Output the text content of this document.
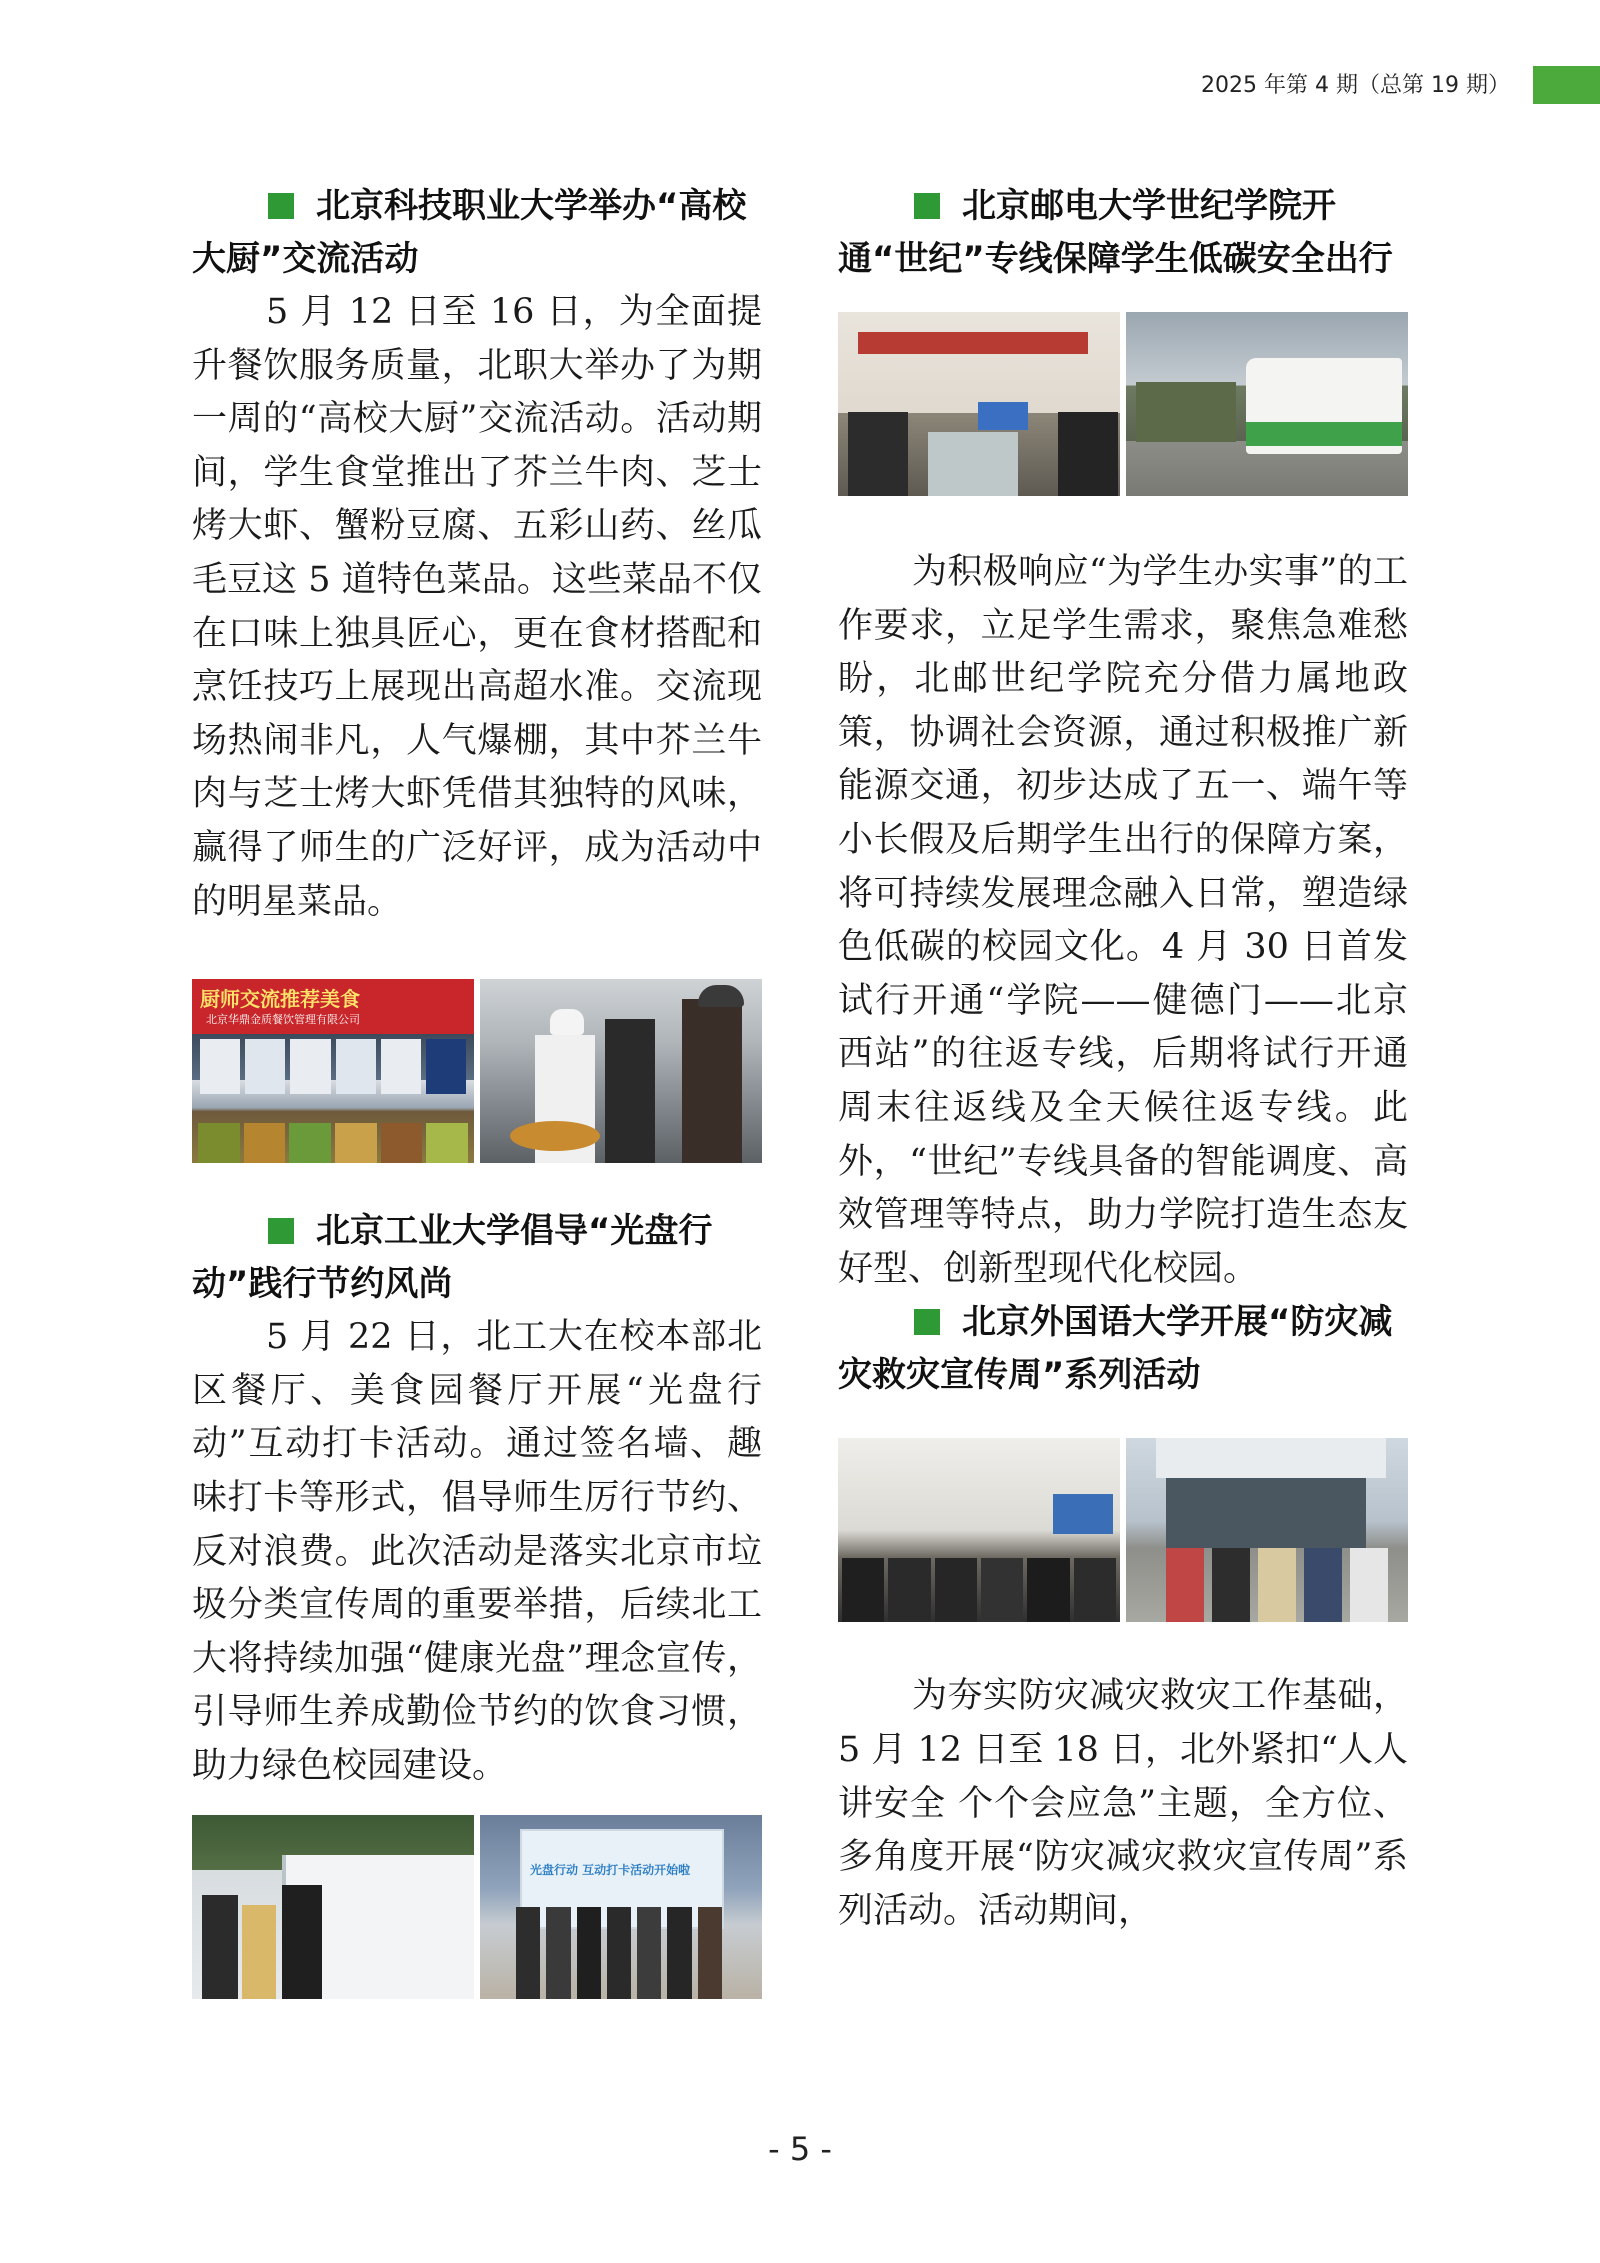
2025 年第 4 期（总第 19 期）
北京科技职业大学举办“高校大厨”交流活动

5 月 12 日至 16 日，为全面提升餐饮服务质量，北职大举办了为期一周的“高校大厨”交流活动。活动期间，学生食堂推出了芥兰牛肉、芝士烤大虾、蟹粉豆腐、五彩山药、丝瓜毛豆这 5 道特色菜品。这些菜品不仅在口味上独具匠心，更在食材搭配和烹饪技巧上展现出高超水准。交流现场热闹非凡，人气爆棚，其中芥兰牛肉与芝士烤大虾凭借其独特的风味，赢得了师生的广泛好评，成为活动中的明星菜品。

厨师交流推荐美食
北京华鼎金质餐饮管理有限公司
北京工业大学倡导“光盘行动”践行节约风尚

5 月 22 日，北工大在校本部北区餐厅、美食园餐厅开展“光盘行动”互动打卡活动。通过签名墙、趣味打卡等形式，倡导师生厉行节约、反对浪费。此次活动是落实北京市垃圾分类宣传周的重要举措，后续北工大将持续加强“健康光盘”理念宣传，引导师生养成勤俭节约的饮食习惯，助力绿色校园建设。

光盘行动 互动打卡活动开始啦
北京邮电大学世纪学院开通“世纪”专线保障学生低碳安全出行

为积极响应“为学生办实事”的工作要求，立足学生需求，聚焦急难愁盼，北邮世纪学院充分借力属地政策，协调社会资源，通过积极推广新能源交通，初步达成了五一、端午等小长假及后期学生出行的保障方案，将可持续发展理念融入日常，塑造绿色低碳的校园文化。4 月 30 日首发试行开通“学院——健德门——北京西站”的往返专线，后期将试行开通周末往返线及全天候往返专线。此外，“世纪”专线具备的智能调度、高效管理等特点，助力学院打造生态友好型、创新型现代化校园。

北京外国语大学开展“防灾减灾救灾宣传周”系列活动

为夯实防灾减灾救灾工作基础，5 月 12 日至 18 日，北外紧扣“人人讲安全 个个会应急”主题，全方位、多角度开展“防灾减灾救灾宣传周”系列活动。活动期间，

- 5 -
